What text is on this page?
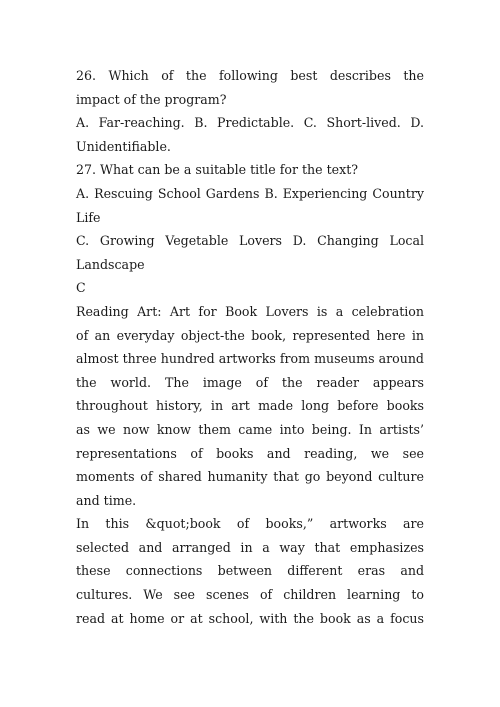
26. Which of the following best describes the
impact of the program?
A. Far-reaching. B. Predictable. C. Short-lived. D.
Unidentifiable.
27. What can be a suitable title for the text?
A. Rescuing School Gardens B. Experiencing Country
Life
C. Growing Vegetable Lovers D. Changing Local
Landscape
C
Reading Art: Art for Book Lovers is a celebration
of an everyday object-the book, represented here in
almost three hundred artworks from museums around
the world. The image of the reader appears
throughout history, in art made long before books
as we now know them came into being. In artists’
representations of books and reading, we see
moments of shared humanity that go beyond culture
and time.
In this &quot;book of books,” artworks are
selected and arranged in a way that emphasizes
these connections between different eras and
cultures. We see scenes of children learning to
read at home or at school, with the book as a focus
